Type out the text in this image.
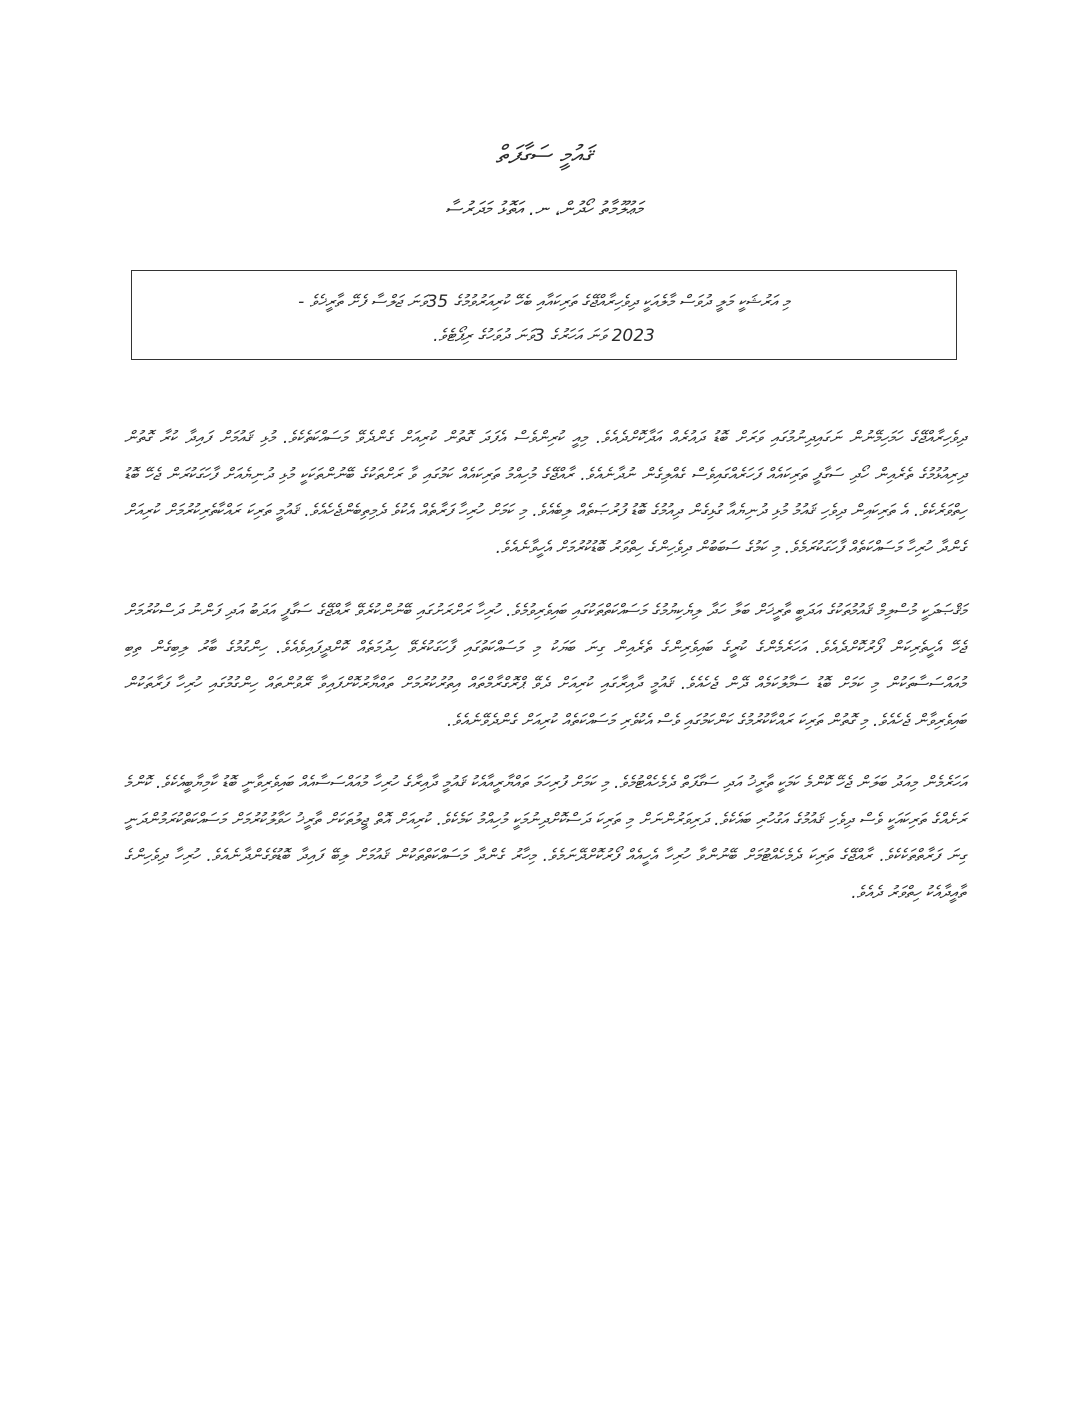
ޤައުމީ ސަގާފަތް
މަޢުލޫމާތު ހޯދުން، ނ. އަތޮޅު މަދަރުސާ

މި އަރުޝަކީ މަލީ ދުވަސް މާލެއަކީ ދިވެހިރާއްޖޭގެ ތަރިކައާއި ބެހޭ ކުރިއަރުވުމުގެ 35ވަނަ ޖަލްސާ ފެށޭ ތާރީޚެވެ -

2023 ވަނަ އަހަރުގެ 3ވަނަ ދުވަހުގެ ރިޕޯޓެވެ.

ދިވެހިރާއްޖޭގެ ހަމަހިމޭނުން ނަގައިދިނުމުގައި ވަރަށް ބޮޑު ދައުރެއް އަދާކޮށްދެއެވެ. މިއީ ކުރިންވެސް އެފަދަ ގޮތުން ކުރިއަށް ގެންދެވޭ މަސައްކަތެކެވެ. މުޅި ޤައުމަށް ފައިދާ ކުރާ ގޮތުން ދިރިއުޅުމުގެ ތެރެއިން ހޯދި ސަގާފީ ތަރިކައެއް ފަހަރެއްގައިވެސް ގެއްލިގެން ނުދާނެއެވެ. ރާއްޖޭގެ މުހިއްމު ތަރިކައެއް ކަމުގައި ވާ ރަށްތަކުގެ ބޭނުންތަކަކީ މުޅި ދުނިޔެއަށް ފާހަގަކުރަން ޖެހޭ ބޮޑު ހިތްވަރެކެވެ. އެ ތަރިކައިން ދިވެހި ޤައުމު މުޅި ދުނިޔެއާ ގުޅިގެން ދިއުމުގެ ބޮޑު ފުރުޞަތެއް ލިބެއެވެ. މި ކަމަށް ހުރިހާ ފަރާތެއް އެކުވެ ދެމިތިބެންޖެހެއެވެ. ޤައުމީ ތަރިކަ ރައްކާތެރިކުރުމަށް ކުރިއަށް ގެންދާ ހުރިހާ މަސައްކަތެއް ފާހަގަކުރަމެވެ. މި ކަމުގެ ސަބަބުން ދިވެހިންގެ ހިތްވަރު ބޮޑުކުރުމަށް އެހީވާނެއެވެ.

މަޤްޞަދަކީ މުސްލިމް ޤައުމުތަކުގެ އަދަބީ ތާރީޚަށް ބަލާ ހަދާ ލިޔެކިޔުމުގެ މަސައްކަތްތަކުގައި ބައިވެރިވުމެވެ. ހުރިހާ ރަށްރަށުގައި ބޭނުންކުރެވޭ ރާއްޖޭގެ ސަގާފީ އަދަބު އަދި ފަންނު ދަސްކުރުމަށް ޖެހޭ އެހީތެރިކަން ފޯރުކޮށްދެއެވެ. އަހަރެމެންގެ ކުރީގެ ބައިވެރިންގެ ތެރެއިން ގިނަ ބަޔަކު މި މަސައްކަތުގައި ފާހަގަކުރެވޭ ހިދުމަތެއް ކޮށްދީފައިވެއެވެ. ހިންގުމުގެ ބާރު ލިބިގެން ތިބި މުއައްސަސާތަކުން މި ކަމަށް ބޮޑު ސަމާލުކަމެއް ދޭން ޖެހެއެވެ. ޤައުމީ ދާއިރާގައި ކުރިއަށް ދެވޭ ޕްރޮގްރާމްތައް އިތުރުކުރުމަށް ތައްޔާރުކޮށްފައިވާ ރޭވުންތައް ހިންގުމުގައި ހުރިހާ ފަރާތަކުން ބައިވެރިވާން ޖެހެއެވެ. މި ގޮތުން ތަރިކަ ރައްކާކުރުމުގެ ކަންކަމުގައި ވެސް އެކުވެރި މަސައްކަތެއް ކުރިއަށް ގެންދެވޭނެއެވެ.

އަހަރެމެން މިއަދު ބަލަން ޖެހޭ ކޮންމެ ކަމަކީ ތާރީޚު އަދި ސަގާފަތް ދެމެހެއްޓުމެވެ. މި ކަމަށް ފުރިހަމަ ތައްޔާރީއާއެކު ޤައުމީ ދާއިރާގެ ހުރިހާ މުއައްސަސާއެއް ބައިވެރިވާނީ ބޮޑު ކާމިޔާބީއެކެވެ. ކޮންމެ ރަށެއްގެ ތަރިކައަކީ ވެސް ދިވެހި ޤައުމުގެ އަގުހުރި ބައެކެވެ. ދަރިވަރުންނަށް މި ތަރިކަ ދަސްކޮށްދިނުމަކީ މުހިއްމު ކަމެކެވެ. ކުރިއަށް އޮތް ޖީލުތަކަށް ތާރީޚު ހަވާލުކުރުމަށް މަސައްކަތްކުރަމުންދަނީ ގިނަ ފަރާތްތަކެކެވެ. ރާއްޖޭގެ ތަރިކަ ދެމެހެއްޓުމަށް ބޭނުންވާ ހުރިހާ އެހީއެއް ފޯރުކޮށްދޭނަމެވެ. މިހާރު ގެންދާ މަސައްކަތްތަކުން ޤައުމަށް ލިބޭ ފައިދާ ބޮޑުވެގެންދާނެއެވެ. ހުރިހާ ދިވެހިންގެ ތާއީދާއެކު ހިތްވަރު ދެއެވެ.
